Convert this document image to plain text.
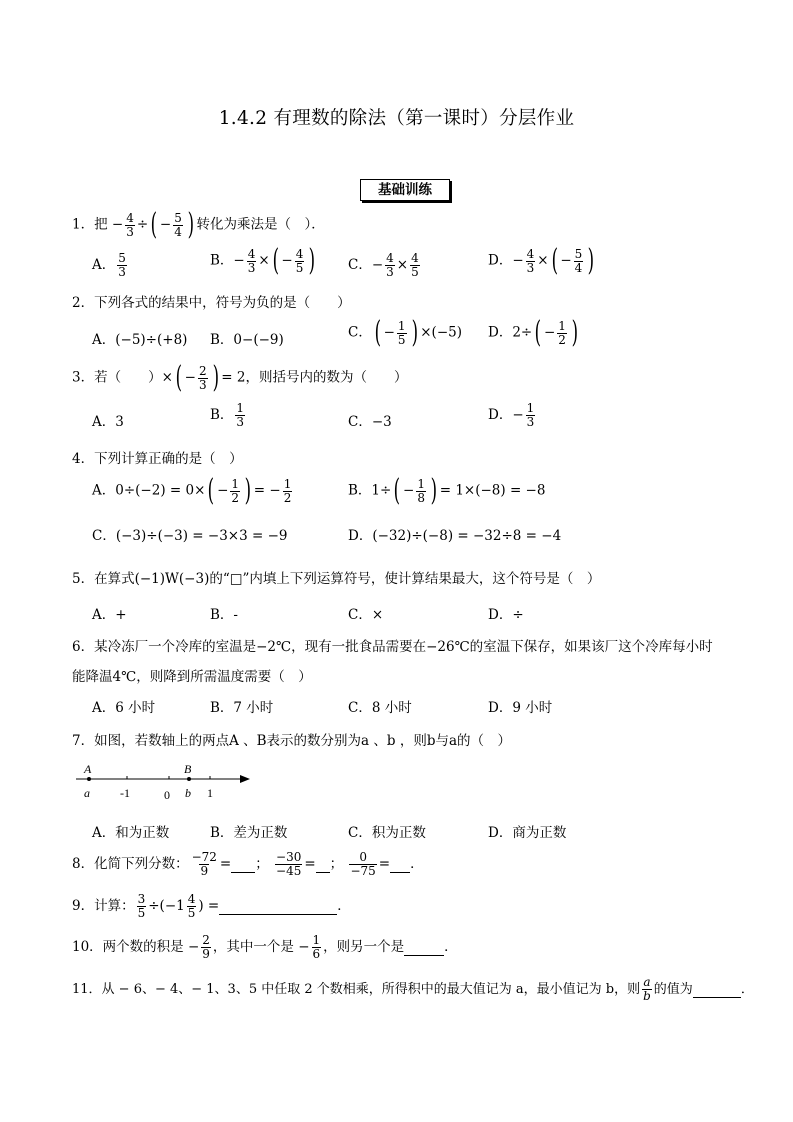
1.4.2 有理数的除法（第一课时）分层作业
基础训练
1．把 − $\frac{4}{3}$ ÷( − $\frac{5}{4}$ ) 转化为乘法是（　）．
A． $\frac{5}{3}$	B．− $\frac{4}{3}$ ×( − $\frac{4}{5}$ ) C．− $\frac{4}{3} \times \frac{4}{5}$	D．− $\frac{4}{3}$ ×( − $\frac{5}{4}$ )
2．下列各式的结果中，符号为负的是（　　）
A．(−5)÷(+8) B．0−(−9)	C．( − $\frac{1}{5}$ ) ×(−5) D．$2\div( - \frac{1}{2}$ )
3．若（　　）×( − $\frac{2}{3}$ ) = 2，则括号内的数为（　　）
A．3	B． $\frac{1}{3}$	C．−3	D．− $\frac{1}{3}$
4．下列计算正确的是（　）
A．$0\div(-2) = 0\times( - \frac{1}{2}$ ) = − $\frac{1}{2}$	B．$1\div( - \frac{1}{8}$ ) = 1×(−8) = −8
C．(−3)÷(−3) = −3×3 = −9	D．(−32)÷(−8) = −32÷8 = −4
5．在算式(−1)W(−3)的“□”内填上下列运算符号，使计算结果最大，这个符号是（　）
A．+	B．-	C．×	D．÷
6．某冷冻厂一个冷库的室温是−2℃，现有一批食品需要在−26℃的室温下保存，如果该厂这个冷库每小时
能降温4℃，则降到所需温度需要（　）
A．6 小时	B．7 小时	C．8 小时	D．9 小时
7．如图，若数轴上的两点A 、B表示的数分别为a 、b ，则b与a的（　）
A	B
a	-1	0 b 1
A．和为正数	B．差为正数	C．积为正数	D．商为正数
8．化简下列分数： $\frac{-72}{9}$ = ； $\frac{-30}{-45}$ = ； $\frac{0}{-75}$ = ．
9．计算： $\frac{3}{5} \div(-1 \frac{4}{5}$ ) =	．
10．两个数的积是 − $\frac{2}{9}$ ，其中一个是 − $\frac{1}{6}$ ，则另一个是	．
11．从 − 6、− 4、− 1、3、5 中任取 2 个数相乘，所得积中的最大值记为 a，最小值记为 b，则 $\frac{a}{b}$ 的值为	．
